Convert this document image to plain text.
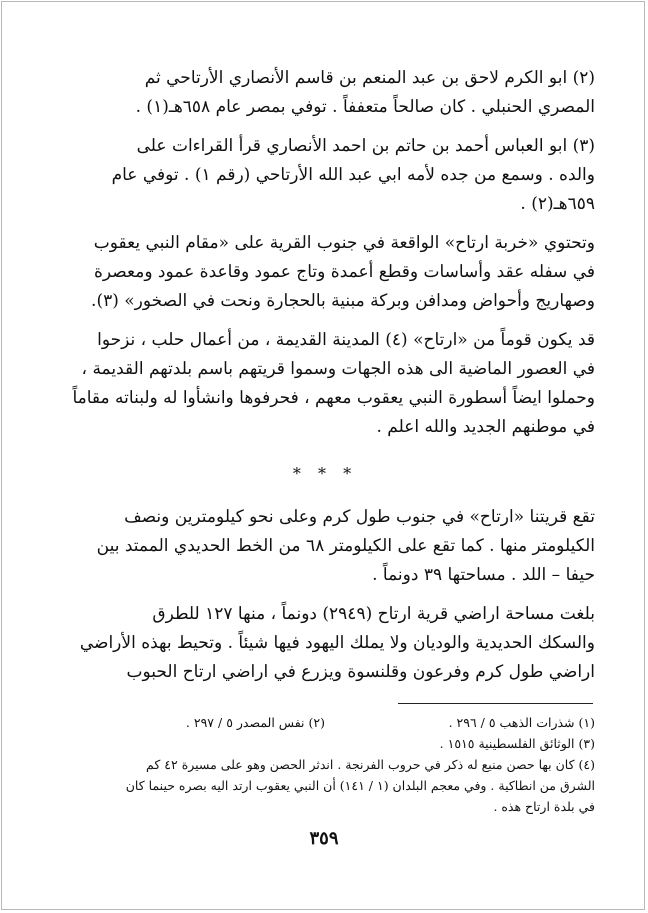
(٢) ابو الكرم لاحق بن عبد المنعم بن قاسم الأنصاري الأرتاحي ثم
المصري الحنبلي . كان صالحاً متعففاً . توفي بمصر عام ٦٥٨هـ(١) .
(٣) ابو العباس أحمد بن حاتم بن احمد الأنصاري قرأ القراءات على
والده . وسمع من جده لأمه ابي عبد الله الأرتاحي (رقم ١) . توفي عام
٦٥٩هـ(٢) .
وتحتوي «خربة ارتاح» الواقعة في جنوب القرية على «مقام النبي يعقوب
في سفله عقد وأساسات وقطع أعمدة وتاج عمود وقاعدة عمود ومعصرة
وصهاريج وأحواض ومدافن وبركة مبنية بالحجارة ونحت في الصخور» (٣).
قد يكون قوماً من «ارتاح» (٤) المدينة القديمة ، من أعمال حلب ، نزحوا
في العصور الماضية الى هذه الجهات وسموا قريتهم باسم بلدتهم القديمة ،
وحملوا ايضاً أسطورة النبي يعقوب معهم ، فحرفوها وانشأوا له ولبناته مقاماً
في موطنهم الجديد والله اعلم .
* * *
تقع قريتنا «ارتاح» في جنوب طول كرم وعلى نحو كيلومترين ونصف
الكيلومتر منها . كما تقع على الكيلومتر ٦٨ من الخط الحديدي الممتد بين
حيفا – اللد . مساحتها ٣٩ دونماً .
بلغت مساحة اراضي قرية ارتاح (٢٩٤٩) دونماً ، منها ١٢٧ للطرق
والسكك الحديدية والوديان ولا يملك اليهود فيها شيئاً . وتحيط بهذه الأراضي
اراضي طول كرم وفرعون وقلنسوة ويزرع في اراضي ارتاح الحبوب
(١) شذرات الذهب ٥ / ٢٩٦ .
(٢) نفس المصدر ٥ / ٢٩٧ .
(٣) الوثائق الفلسطينية ١٥١٥ .
(٤) كان بها حصن منيع له ذكر في حروب الفرنجة . اندثر الحصن وهو على مسيرة ٤٢ كم
الشرق من انطاكية . وفي معجم البلدان (١ / ١٤١) أن النبي يعقوب ارتد اليه بصره حينما كان
في بلدة ارتاح هذه .
٣٥٩
